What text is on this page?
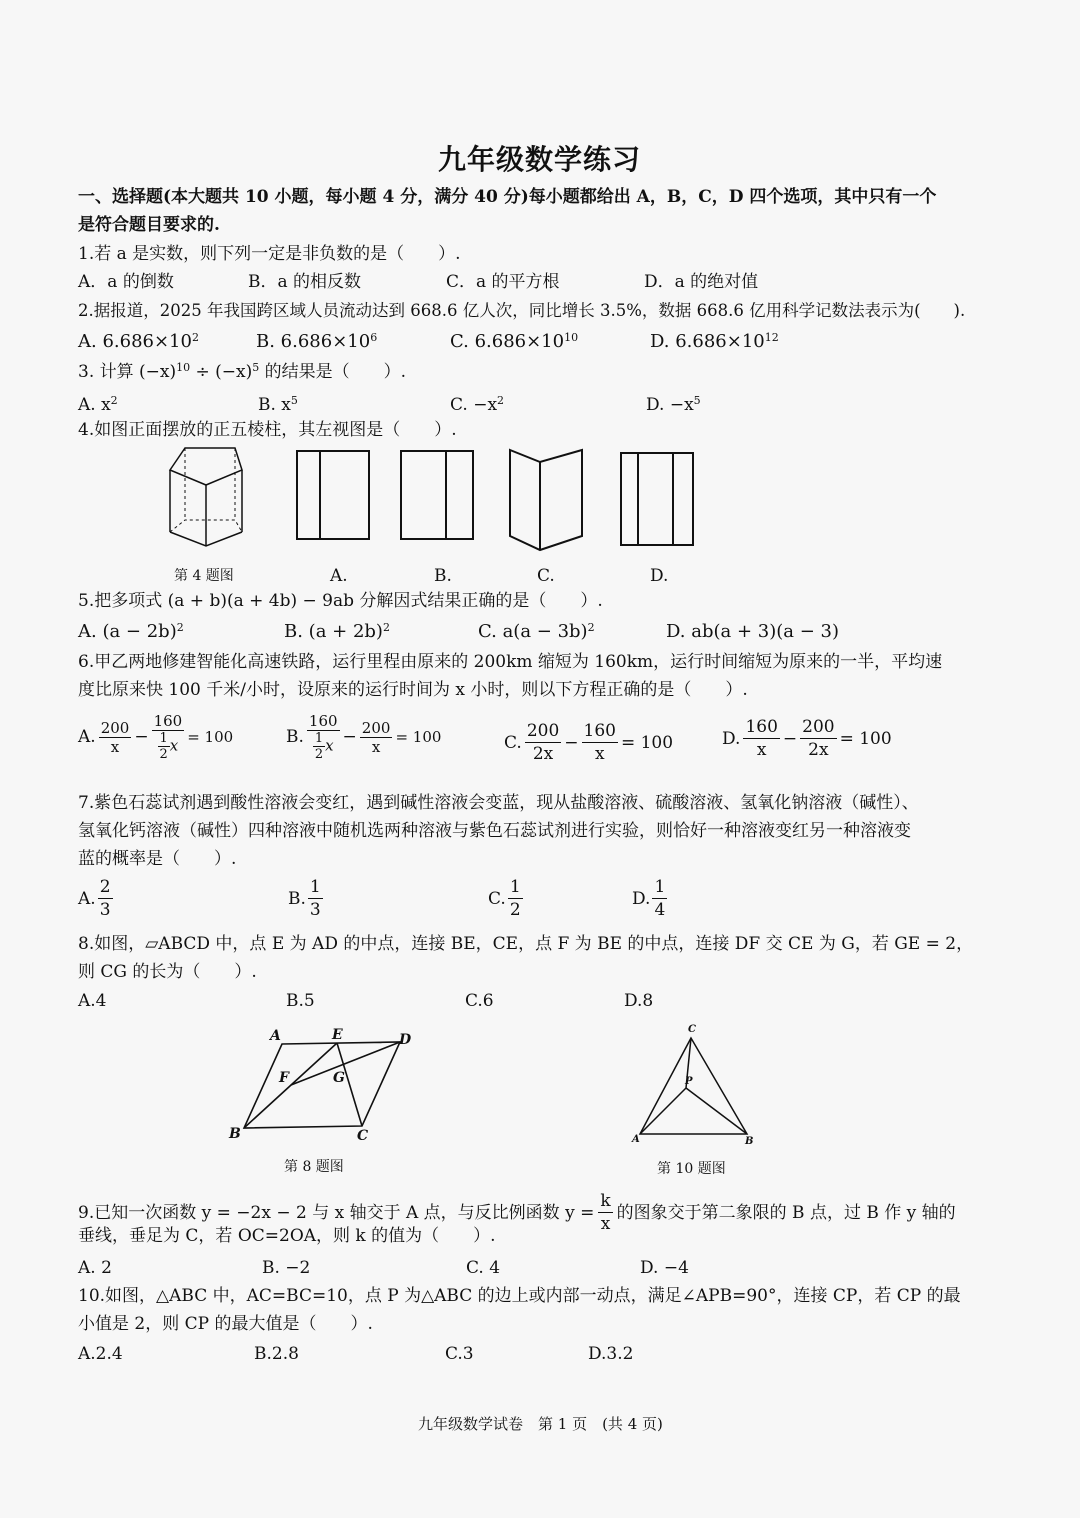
九年级数学练习
一、选择题(本大题共 10 小题，每小题 4 分，满分 40 分)每小题都给出 A，B，C，D 四个选项，其中只有一个
是符合题目要求的.
1.若 a 是实数，则下列一定是非负数的是（　　）.
A．a 的倒数	B．a 的相反数	C．a 的平方根	D．a 的绝对值
2.据报道，2025 年我国跨区域人员流动达到 668.6 亿人次，同比增长 3.5%，数据 668.6 亿用科学记数法表示为(　　).
A. $6.686\times 10^2$	B. $6.686\times 10^6$	C. $6.686\times 10^{10}$	D. $6.686\times 10^{12}$
3. 计算 $(-x)^{10} \div (-x)^5$ 的结果是（　　）.
A. $x^2$	B. $x^5$	C. $-x^2$	D. $-x^5$
4.如图正面摆放的正五棱柱，其左视图是（　　）.
第 4 题图	A.	B.	C.	D.
5.把多项式 (a + b)(a + 4b) − 9ab 分解因式结果正确的是（　　）.
A. $(a - 2b)^2$	B. $(a + 2b)^2$	C. $a(a - 3b)^2$	D. ab(a + 3)(a − 3)
6.甲乙两地修建智能化高速铁路，运行里程由原来的 200km 缩短为 160km，运行时间缩短为原来的一半，平均速
度比原来快 100 千米/小时，设原来的运行时间为 x 小时，则以下方程正确的是（　　）.
A. $\frac{200}{x} - \frac{160}{\frac{1}{2} x} = 100$	B. $\frac{160}{\frac{1}{2} x} - \frac{200}{x} = 100$	C. $\frac{200}{2x} - \frac{160}{x} = 100$	D. $\frac{160}{x} - \frac{200}{2x} = 100$
7.紫色石蕊试剂遇到酸性溶液会变红，遇到碱性溶液会变蓝，现从盐酸溶液、硫酸溶液、氢氧化钠溶液（碱性）、
氢氧化钙溶液（碱性）四种溶液中随机选两种溶液与紫色石蕊试剂进行实验，则恰好一种溶液变红另一种溶液变
蓝的概率是（　　）.
A. $\frac{2}{3}$	B. $\frac{1}{3}$	C. $\frac{1}{2}$	D. $\frac{1}{4}$
8.如图，▱ABCD 中，点 E 为 AD 的中点，连接 BE，CE，点 F 为 BE 的中点，连接 DF 交 CE 为 G，若 GE = 2，
则 CG 的长为（　　）.
A.4	B.5	C.6	D.8
A	E	D
F	G
B	C
第 8 题图
C
P
A	B
第 10 题图
9.已知一次函数 y = −2x − 2 与 x 轴交于 A 点，与反比例函数 $y = \frac{k}{x}$ 的图象交于第二象限的 B 点，过 B 作 y 轴的
垂线，垂足为 C，若 OC=2OA，则 k 的值为（　　）.
A. 2	B. −2	C. 4	D. −4
10.如图，△ABC 中，AC=BC=10，点 P 为△ABC 的边上或内部一动点，满足∠APB=90°，连接 CP，若 CP 的最
小值是 2，则 CP 的最大值是（　　）.
A.2.4	B.2.8	C.3	D.3.2
九年级数学试卷　第 1 页　(共 4 页)
